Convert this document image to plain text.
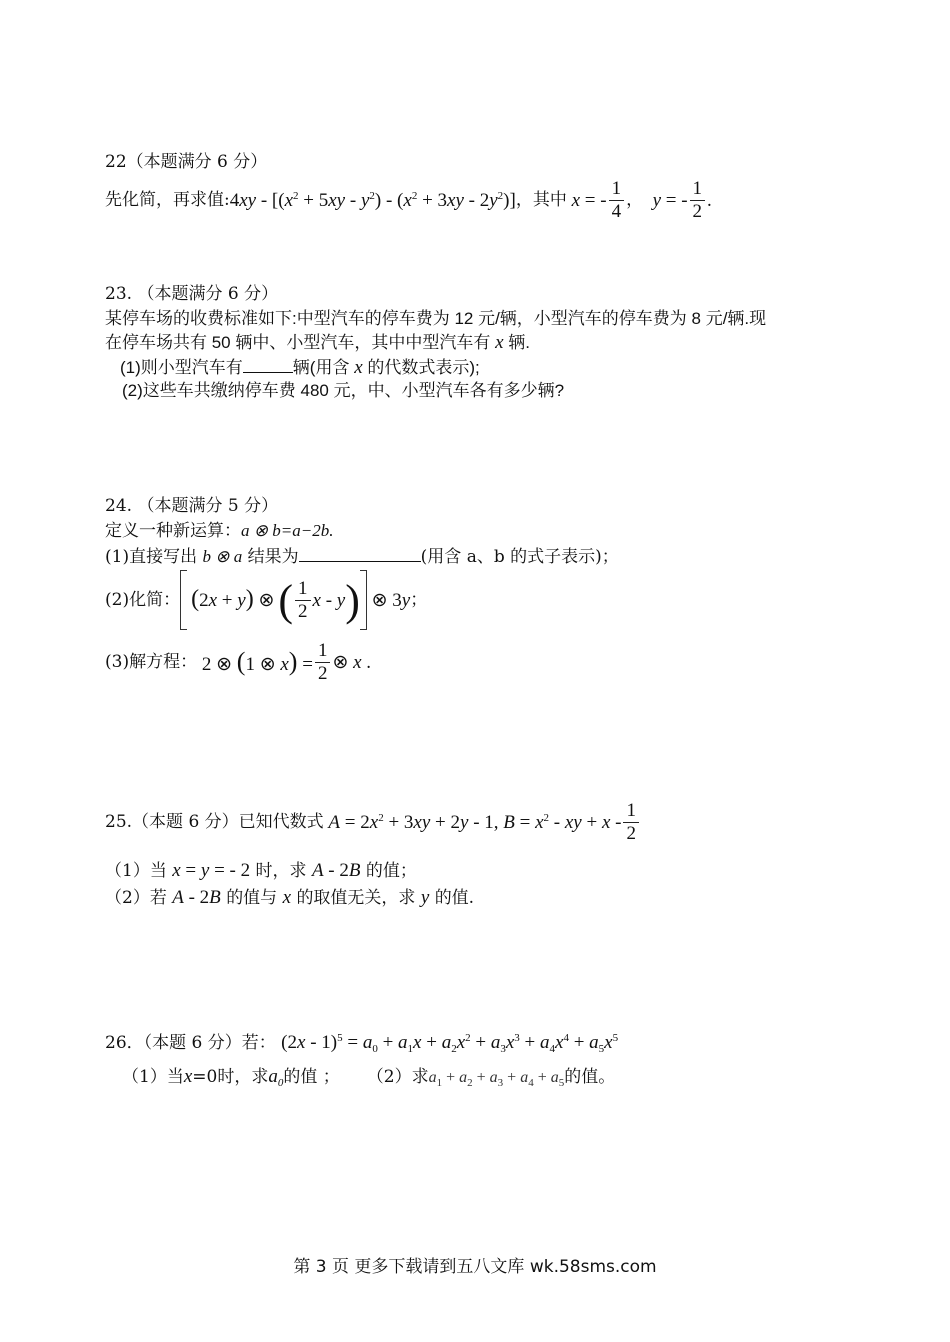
22（本题满分 6 分）
先化简，再求值: $4xy - [(x^2 + 5xy - y^2) - (x^2 + 3xy - 2y^2)]$ ，其中 x = - $\frac{1}{4}$ ， y = - $\frac{1}{2}$ .
23. （本题满分 6 分）
某停车场的收费标准如下:中型汽车的停车费为 12 元/辆，小型汽车的停车费为 8 元/辆.现
在停车场共有 50 辆中、小型汽车，其中中型汽车有 x 辆.
(1)则小型汽车有	辆(用含 x 的代数式表示);
(2)这些车共缴纳停车费 480 元，中、小型汽车各有多少辆?
24. （本题满分 5 分）
定义一种新运算：a ⊗ b=a−2b.
(1)直接写出 b ⊗ a 结果为	(用含 a、b 的式子表示)；
(2)化简： (2x + y) ⊗ ( $\frac{1}{2}$ x - y ) ⊗ 3y ；
(3)解方程： 2 ⊗ (1 ⊗ $x) = \frac{1}{2}$ ⊗ x .
25.（本题 6 分）已知代数式 $A = 2x^2 + 3xy + 2y - 1$, $B = x^2$ - xy + x - $\frac{1}{2}$
（1）当 x = y = - 2 时，求 A - 2B 的值；
（2）若 A - 2B 的值与 x 的取值无关，求 y 的值.
26．（本题 6 分）若： $(2x - 1)^5 = a_0 + a_1x + a_2x^2 + a_3x^3 + a_4x^4 + a_5x^5$
（1）当x=0时，求$a_0$的值 ； （2）求$a_1 + a_2 + a_3 + a_4 + a_5$的值。
第 3 页 更多下载请到五八文库 wk.58sms.com
